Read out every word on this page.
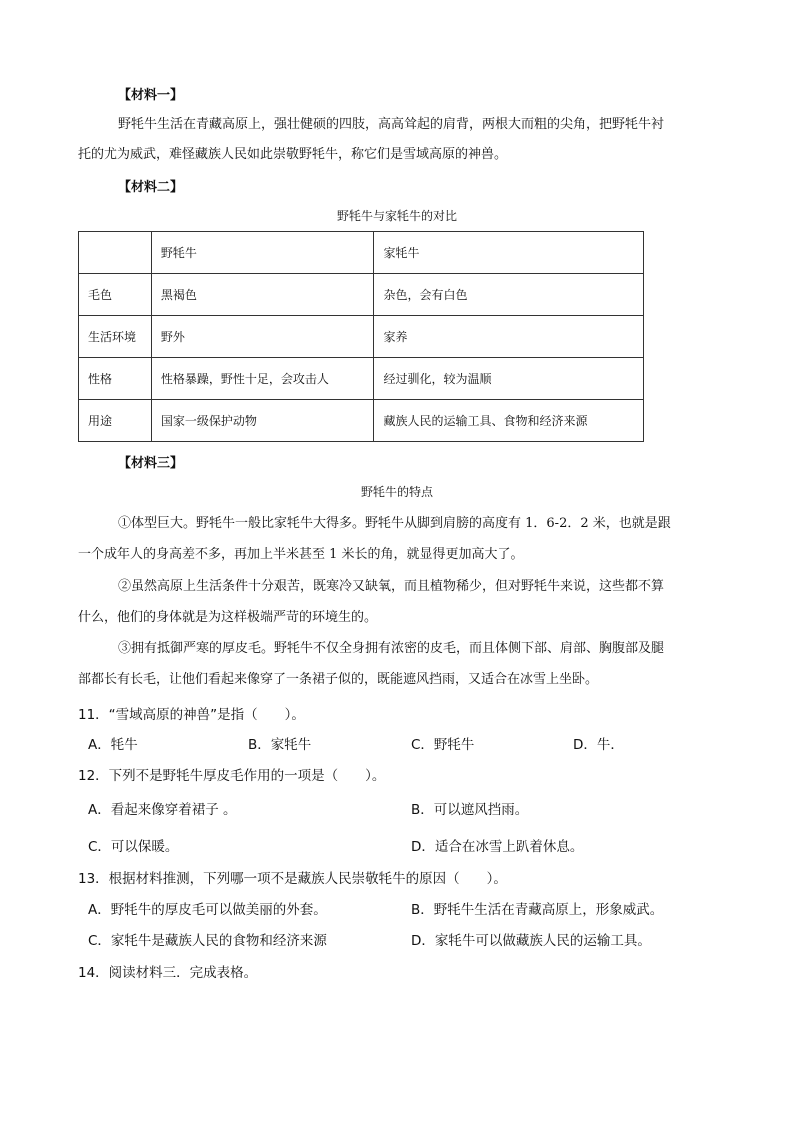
【材料一】
野牦牛生活在青藏高原上，强壮健硕的四肢，高高耸起的肩背，两根大而粗的尖角，把野牦牛衬
托的尤为威武，难怪藏族人民如此崇敬野牦牛，称它们是雪域高原的神兽。
【材料二】
野牦牛与家牦牛的对比
	野牦牛	家牦牛
毛色	黑褐色	杂色，会有白色
生活环境	野外	家养
性格	性格暴躁，野性十足，会攻击人	经过驯化，较为温顺
用途	国家一级保护动物	藏族人民的运输工具、食物和经济来源
【材料三】
野牦牛的特点
①体型巨大。野牦牛一般比家牦牛大得多。野牦牛从脚到肩膀的高度有 1．6-2．2 米，也就是跟
一个成年人的身高差不多，再加上半米甚至 1 米长的角，就显得更加高大了。
②虽然高原上生活条件十分艰苦，既寒冷又缺氧，而且植物稀少，但对野牦牛来说，这些都不算
什么，他们的身体就是为这样极端严苛的环境生的。
③拥有抵御严寒的厚皮毛。野牦牛不仅全身拥有浓密的皮毛，而且体侧下部、肩部、胸腹部及腿
部都长有长毛，让他们看起来像穿了一条裙子似的，既能遮风挡雨，又适合在冰雪上坐卧。
11．“雪域高原的神兽”是指（　　）。
A．牦牛	B．家牦牛	C．野牦牛	D．牛．
12．下列不是野牦牛厚皮毛作用的一项是（　　）。
A．看起来像穿着裙子 。	B．可以遮风挡雨。
C．可以保暖。	D．适合在冰雪上趴着休息。
13．根据材料推测，下列哪一项不是藏族人民崇敬牦牛的原因（　　）。
A．野牦牛的厚皮毛可以做美丽的外套。	B．野牦牛生活在青藏高原上，形象威武。
C．家牦牛是藏族人民的食物和经济来源	D．家牦牛可以做藏族人民的运输工具。
14．阅读材料三．完成表格。
